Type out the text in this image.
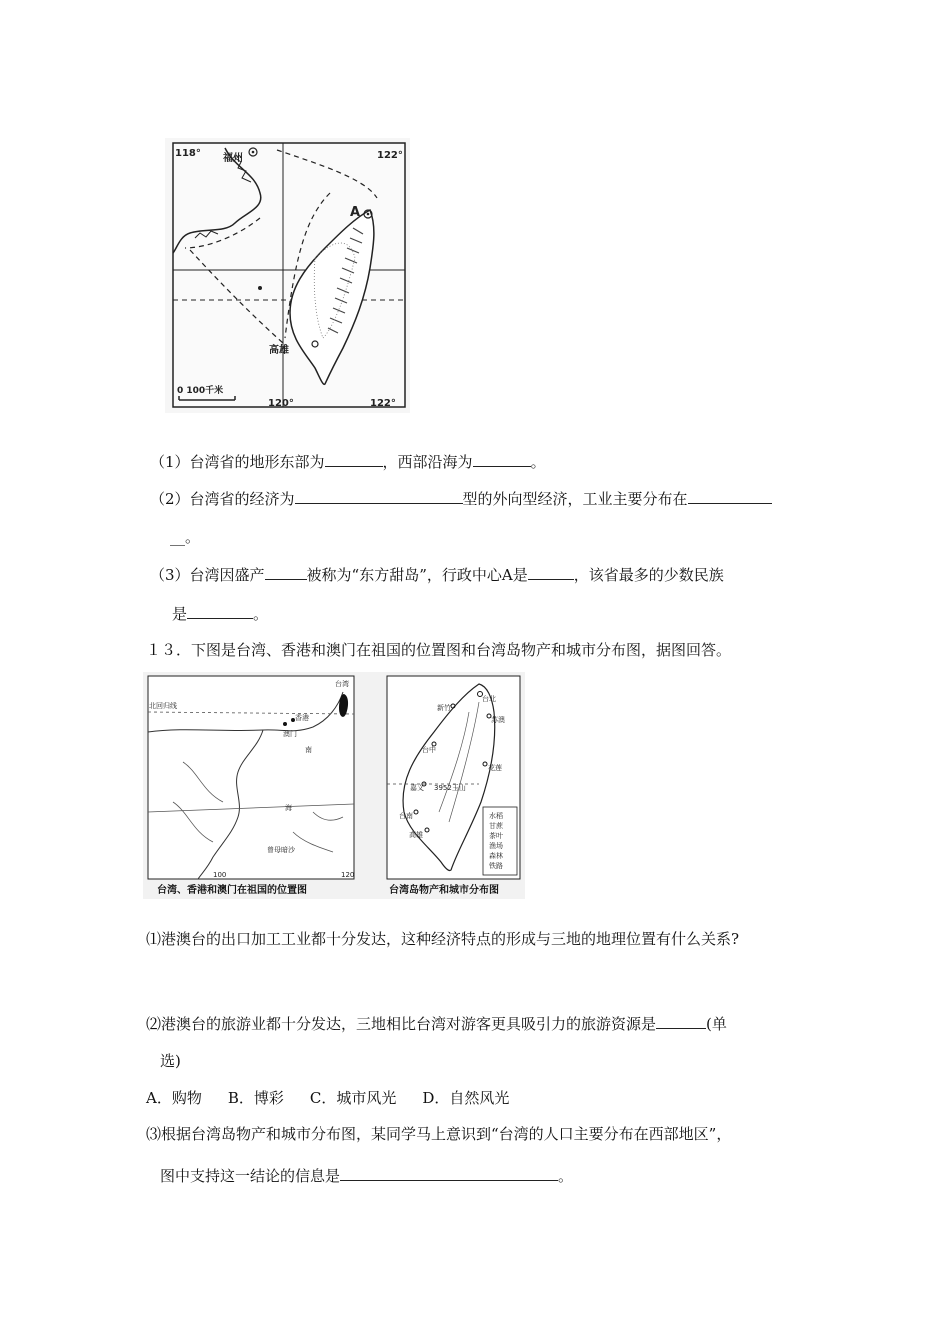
118°	122°
福州
A
高雄
0 100千米
120°	122°
（1）台湾省的地形东部为	，西部沿海为	。
（2）台湾省的经济为	型的外向型经济，工业主要分布在
__。
（3）台湾因盛产	被称为“东方甜岛”，行政中心A是	，该省最多的少数民族
是	。
１３．下图是台湾、香港和澳门在祖国的位置图和台湾岛物产和城市分布图，据图回答。
台湾
北回归线
香港
澳门
南
海
曾母暗沙
100	120
台湾、香港和澳门在祖国的位置图
台北
新竹
苏澳
台中
花莲
嘉义 3952玉山
台南
高雄
水稻
甘蔗
茶叶
渔场
森林
铁路
台湾岛物产和城市分布图
⑴港澳台的出口加工工业都十分发达，这种经济特点的形成与三地的地理位置有什么关系?
⑵港澳台的旅游业都十分发达，三地相比台湾对游客更具吸引力的旅游资源是	(单
选)
A．购物 B．博彩 C．城市风光 D．自然风光
⑶根据台湾岛物产和城市分布图，某同学马上意识到“台湾的人口主要分布在西部地区”，
图中支持这一结论的信息是	。
